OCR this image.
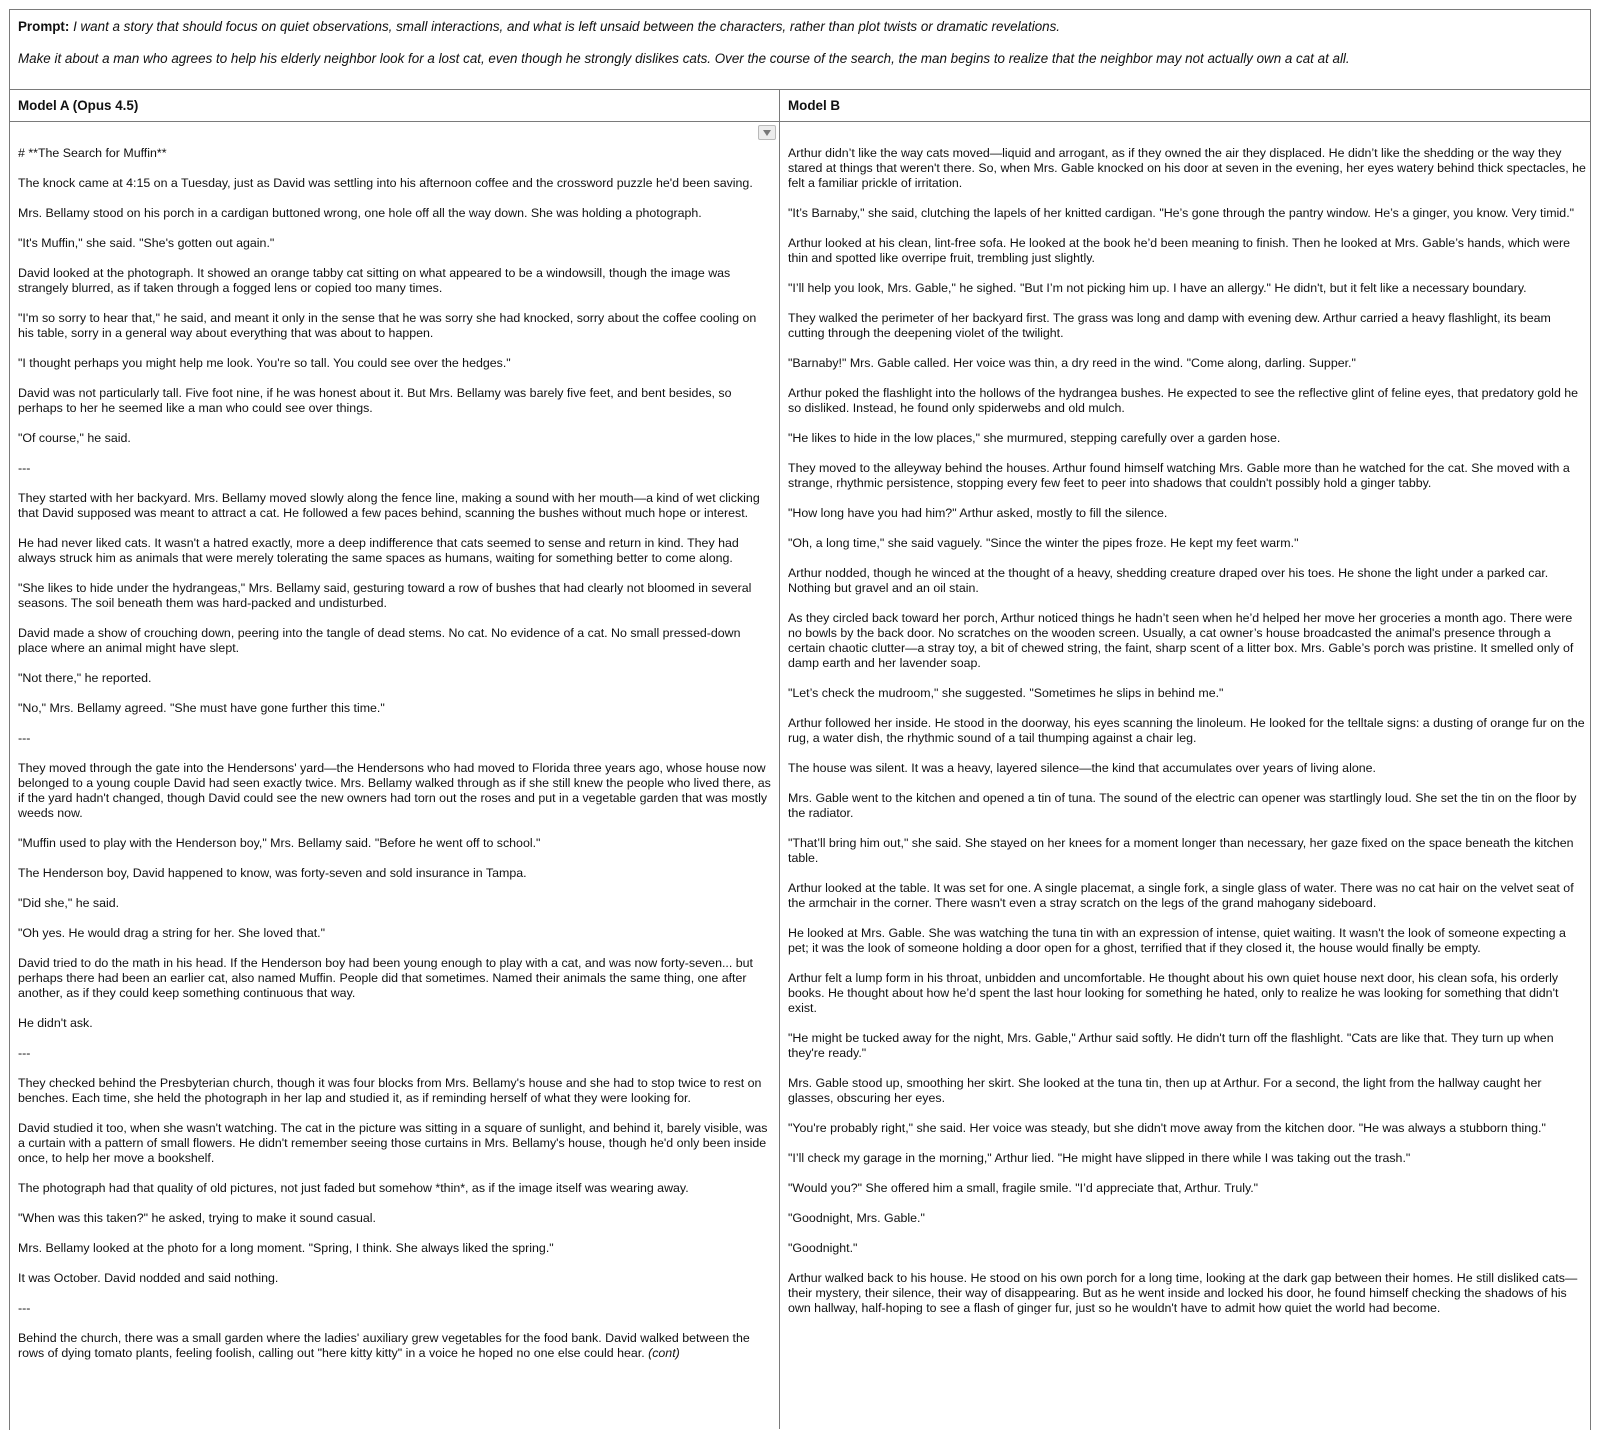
Prompt: I want a story that should focus on quiet observations, small interactions, and what is left unsaid between the characters, rather than plot twists or dramatic revelations.

Make it about a man who agrees to help his elderly neighbor look for a lost cat, even though he strongly dislikes cats. Over the course of the search, the man begins to realize that the neighbor may not actually own a cat at all.

Model A (Opus 4.5)	Model B

# **The Search for Muffin**

The knock came at 4:15 on a Tuesday, just as David was settling into his afternoon coffee and the crossword puzzle he'd been saving.

Mrs. Bellamy stood on his porch in a cardigan buttoned wrong, one hole off all the way down. She was holding a photograph.

"It's Muffin," she said. "She's gotten out again."

David looked at the photograph. It showed an orange tabby cat sitting on what appeared to be a windowsill, though the image was strangely blurred, as if taken through a fogged lens or copied too many times.

"I'm so sorry to hear that," he said, and meant it only in the sense that he was sorry she had knocked, sorry about the coffee cooling on his table, sorry in a general way about everything that was about to happen.

"I thought perhaps you might help me look. You're so tall. You could see over the hedges."

David was not particularly tall. Five foot nine, if he was honest about it. But Mrs. Bellamy was barely five feet, and bent besides, so perhaps to her he seemed like a man who could see over things.

"Of course," he said.

---

They started with her backyard. Mrs. Bellamy moved slowly along the fence line, making a sound with her mouth—a kind of wet clicking that David supposed was meant to attract a cat. He followed a few paces behind, scanning the bushes without much hope or interest.

He had never liked cats. It wasn't a hatred exactly, more a deep indifference that cats seemed to sense and return in kind. They had always struck him as animals that were merely tolerating the same spaces as humans, waiting for something better to come along.

"She likes to hide under the hydrangeas," Mrs. Bellamy said, gesturing toward a row of bushes that had clearly not bloomed in several seasons. The soil beneath them was hard-packed and undisturbed.

David made a show of crouching down, peering into the tangle of dead stems. No cat. No evidence of a cat. No small pressed-down place where an animal might have slept.

"Not there," he reported.

"No," Mrs. Bellamy agreed. "She must have gone further this time."

---

They moved through the gate into the Hendersons' yard—the Hendersons who had moved to Florida three years ago, whose house now belonged to a young couple David had seen exactly twice. Mrs. Bellamy walked through as if she still knew the people who lived there, as if the yard hadn't changed, though David could see the new owners had torn out the roses and put in a vegetable garden that was mostly weeds now.

"Muffin used to play with the Henderson boy," Mrs. Bellamy said. "Before he went off to school."

The Henderson boy, David happened to know, was forty-seven and sold insurance in Tampa.

"Did she," he said.

"Oh yes. He would drag a string for her. She loved that."

David tried to do the math in his head. If the Henderson boy had been young enough to play with a cat, and was now forty-seven... but perhaps there had been an earlier cat, also named Muffin. People did that sometimes. Named their animals the same thing, one after another, as if they could keep something continuous that way.

He didn't ask.

---

They checked behind the Presbyterian church, though it was four blocks from Mrs. Bellamy's house and she had to stop twice to rest on benches. Each time, she held the photograph in her lap and studied it, as if reminding herself of what they were looking for.

David studied it too, when she wasn't watching. The cat in the picture was sitting in a square of sunlight, and behind it, barely visible, was a curtain with a pattern of small flowers. He didn't remember seeing those curtains in Mrs. Bellamy's house, though he'd only been inside once, to help her move a bookshelf.

The photograph had that quality of old pictures, not just faded but somehow *thin*, as if the image itself was wearing away.

"When was this taken?" he asked, trying to make it sound casual.

Mrs. Bellamy looked at the photo for a long moment. "Spring, I think. She always liked the spring."

It was October. David nodded and said nothing.

---

Behind the church, there was a small garden where the ladies' auxiliary grew vegetables for the food bank. David walked between the rows of dying tomato plants, feeling foolish, calling out "here kitty kitty" in a voice he hoped no one else could hear. (cont)

Arthur didn’t like the way cats moved—liquid and arrogant, as if they owned the air they displaced. He didn’t like the shedding or the way they stared at things that weren't there. So, when Mrs. Gable knocked on his door at seven in the evening, her eyes watery behind thick spectacles, he felt a familiar prickle of irritation.

"It’s Barnaby," she said, clutching the lapels of her knitted cardigan. "He’s gone through the pantry window. He’s a ginger, you know. Very timid."

Arthur looked at his clean, lint-free sofa. He looked at the book he’d been meaning to finish. Then he looked at Mrs. Gable’s hands, which were thin and spotted like overripe fruit, trembling just slightly.

"I’ll help you look, Mrs. Gable," he sighed. "But I’m not picking him up. I have an allergy." He didn't, but it felt like a necessary boundary.

They walked the perimeter of her backyard first. The grass was long and damp with evening dew. Arthur carried a heavy flashlight, its beam cutting through the deepening violet of the twilight.

"Barnaby!" Mrs. Gable called. Her voice was thin, a dry reed in the wind. "Come along, darling. Supper."

Arthur poked the flashlight into the hollows of the hydrangea bushes. He expected to see the reflective glint of feline eyes, that predatory gold he so disliked. Instead, he found only spiderwebs and old mulch.

"He likes to hide in the low places," she murmured, stepping carefully over a garden hose.

They moved to the alleyway behind the houses. Arthur found himself watching Mrs. Gable more than he watched for the cat. She moved with a strange, rhythmic persistence, stopping every few feet to peer into shadows that couldn't possibly hold a ginger tabby.

"How long have you had him?" Arthur asked, mostly to fill the silence.

"Oh, a long time," she said vaguely. "Since the winter the pipes froze. He kept my feet warm."

Arthur nodded, though he winced at the thought of a heavy, shedding creature draped over his toes. He shone the light under a parked car. Nothing but gravel and an oil stain.

As they circled back toward her porch, Arthur noticed things he hadn’t seen when he’d helped her move her groceries a month ago. There were no bowls by the back door. No scratches on the wooden screen. Usually, a cat owner’s house broadcasted the animal's presence through a certain chaotic clutter—a stray toy, a bit of chewed string, the faint, sharp scent of a litter box. Mrs. Gable’s porch was pristine. It smelled only of damp earth and her lavender soap.

"Let’s check the mudroom," she suggested. "Sometimes he slips in behind me."

Arthur followed her inside. He stood in the doorway, his eyes scanning the linoleum. He looked for the telltale signs: a dusting of orange fur on the rug, a water dish, the rhythmic sound of a tail thumping against a chair leg.

The house was silent. It was a heavy, layered silence—the kind that accumulates over years of living alone.

Mrs. Gable went to the kitchen and opened a tin of tuna. The sound of the electric can opener was startlingly loud. She set the tin on the floor by the radiator.

"That’ll bring him out," she said. She stayed on her knees for a moment longer than necessary, her gaze fixed on the space beneath the kitchen table.

Arthur looked at the table. It was set for one. A single placemat, a single fork, a single glass of water. There was no cat hair on the velvet seat of the armchair in the corner. There wasn't even a stray scratch on the legs of the grand mahogany sideboard.

He looked at Mrs. Gable. She was watching the tuna tin with an expression of intense, quiet waiting. It wasn't the look of someone expecting a pet; it was the look of someone holding a door open for a ghost, terrified that if they closed it, the house would finally be empty.

Arthur felt a lump form in his throat, unbidden and uncomfortable. He thought about his own quiet house next door, his clean sofa, his orderly books. He thought about how he’d spent the last hour looking for something he hated, only to realize he was looking for something that didn't exist.

"He might be tucked away for the night, Mrs. Gable," Arthur said softly. He didn't turn off the flashlight. "Cats are like that. They turn up when they're ready."

Mrs. Gable stood up, smoothing her skirt. She looked at the tuna tin, then up at Arthur. For a second, the light from the hallway caught her glasses, obscuring her eyes.

"You're probably right," she said. Her voice was steady, but she didn't move away from the kitchen door. "He was always a stubborn thing."

"I’ll check my garage in the morning," Arthur lied. "He might have slipped in there while I was taking out the trash."

"Would you?" She offered him a small, fragile smile. "I’d appreciate that, Arthur. Truly."

"Goodnight, Mrs. Gable."

"Goodnight."

Arthur walked back to his house. He stood on his own porch for a long time, looking at the dark gap between their homes. He still disliked cats—their mystery, their silence, their way of disappearing. But as he went inside and locked his door, he found himself checking the shadows of his own hallway, half-hoping to see a flash of ginger fur, just so he wouldn't have to admit how quiet the world had become.
